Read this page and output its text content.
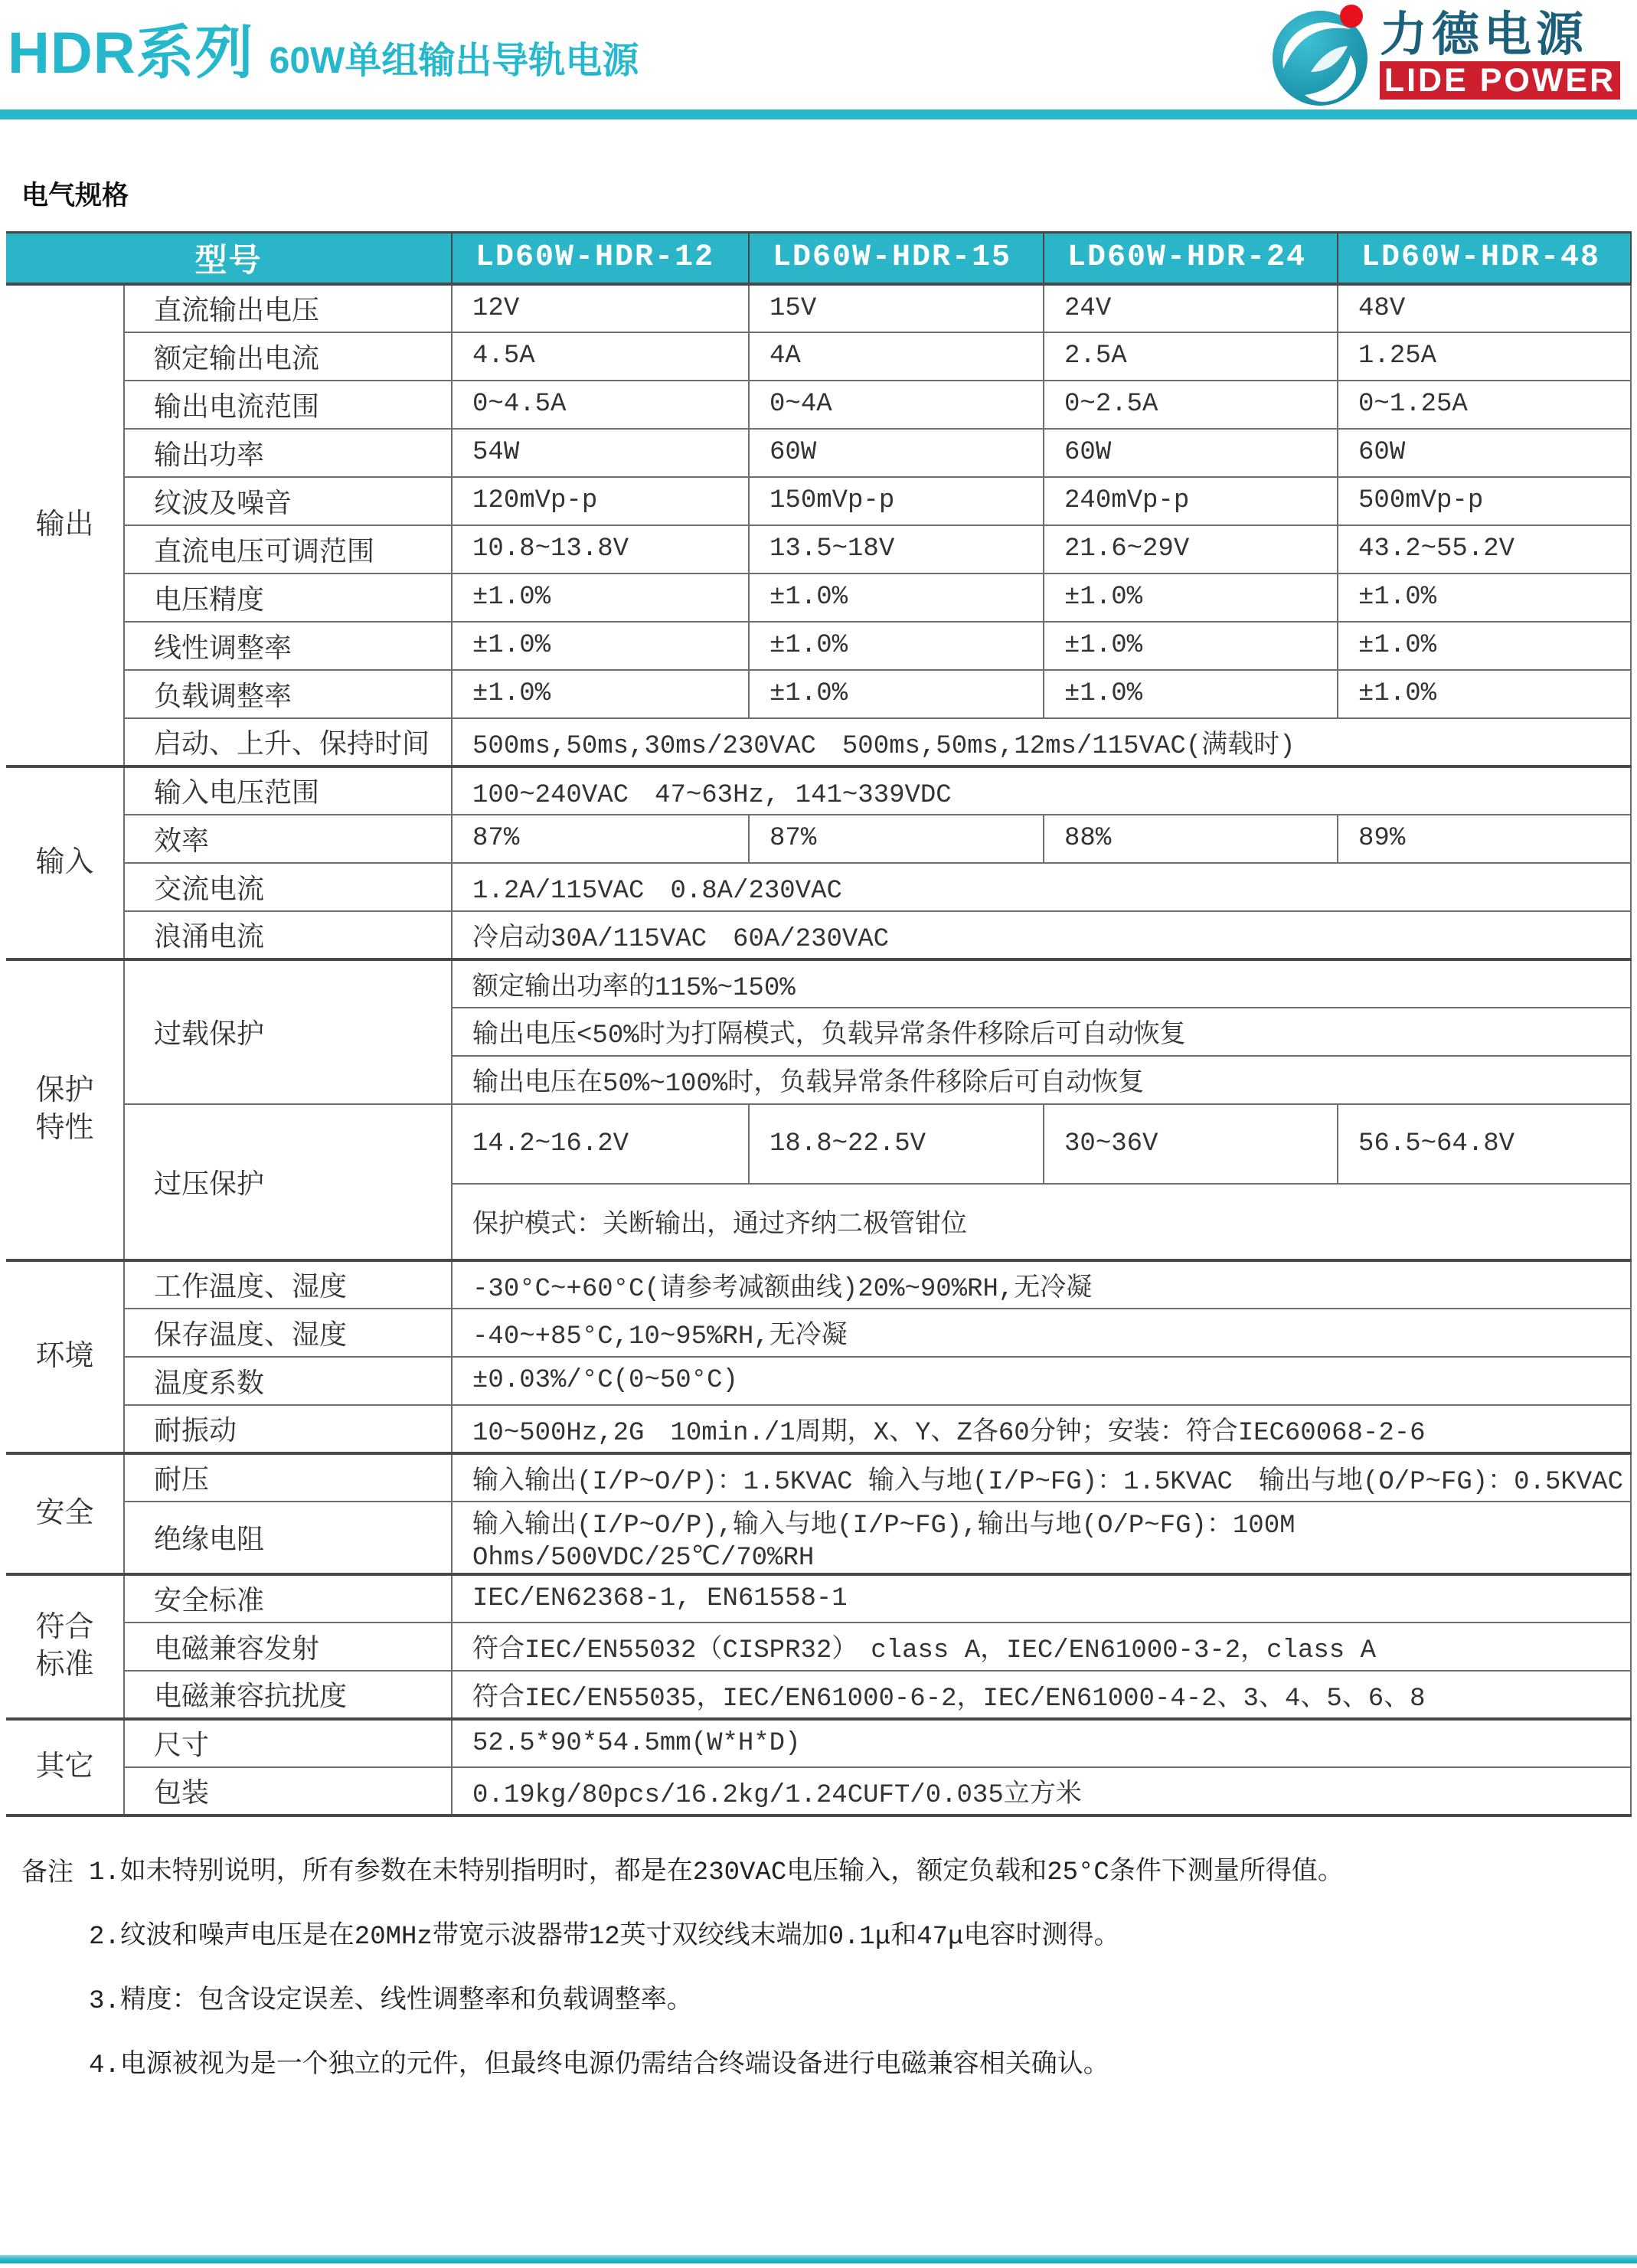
HDR系列 60W单组输出导轨电源	力德电源
LIDE POWER
电气规格
型号		LD60W-HDR-12	LD60W-HDR-15	LD60W-HDR-24	LD60W-HDR-48

输出	直流输出电压	12V	15V	24V	48V
	额定输出电流	4.5A	4A	2.5A	1.25A
	输出电流范围	0~4.5A	0~4A	0~2.5A	0~1.25A
	输出功率	54W	60W	60W	60W
	纹波及噪音	120mVp-p	150mVp-p	240mVp-p	500mVp-p
	直流电压可调范围	10.8~13.8V	13.5~18V	21.6~29V	43.2~55.2V
	电压精度	±1.0%	±1.0%	±1.0%	±1.0%
	线性调整率	±1.0%	±1.0%	±1.0%	±1.0%
	负载调整率	±1.0%	±1.0%	±1.0%	±1.0%
	启动、上升、保持时间	500ms,50ms,30ms/230VAC　500ms,50ms,12ms/115VAC(满载时)			

输入	输入电压范围	100~240VAC　47~63Hz, 141~339VDC			
	效率	87%	87%	88%	89%
	交流电流	1.2A/115VAC　0.8A/230VAC			
	浪涌电流	冷启动30A/115VAC　60A/230VAC			

保护特性	过载保护	额定输出功率的115%~150%			
		输出电压<50%时为打隔模式，负载异常条件移除后可自动恢复			
		输出电压在50%~100%时，负载异常条件移除后可自动恢复			
	过压保护	14.2~16.2V	18.8~22.5V	30~36V	56.5~64.8V
		保护模式：关断输出，通过齐纳二极管钳位			

环境	工作温度、湿度	-30°C~+60°C(请参考减额曲线)20%~90%RH,无冷凝			
	保存温度、湿度	-40~+85°C,10~95%RH,无冷凝			
	温度系数	±0.03%/°C(0~50°C)			
	耐振动	10~500Hz,2G　10min./1周期，X、Y、Z各60分钟；安装：符合IEC60068-2-6			

安全	耐压	输入输出(I/P~O/P)：1.5KVAC 输入与地(I/P~FG)：1.5KVAC　输出与地(O/P~FG)：0.5KVAC			
	绝缘电阻	输入输出(I/P~O/P),输入与地(I/P~FG),输出与地(O/P~FG)：100M Ohms/500VDC/25℃/70%RH			

符合标准	安全标准	IEC/EN62368-1, EN61558-1			
	电磁兼容发射	符合IEC/EN55032（CISPR32）　class A，IEC/EN61000-3-2，class A			
	电磁兼容抗扰度	符合IEC/EN55035，IEC/EN61000-6-2，IEC/EN61000-4-2、3、4、5、6、8			

其它	尺寸	52.5*90*54.5mm(W*H*D)			
	包装	0.19kg/80pcs/16.2kg/1.24CUFT/0.035立方米			
备注 1.如未特别说明，所有参数在未特别指明时，都是在230VAC电压输入，额定负载和25°C条件下测量所得值。
2.纹波和噪声电压是在20MHz带宽示波器带12英寸双绞线末端加0.1μ和47μ电容时测得。
3.精度：包含设定误差、线性调整率和负载调整率。
4.电源被视为是一个独立的元件，但最终电源仍需结合终端设备进行电磁兼容相关确认。
